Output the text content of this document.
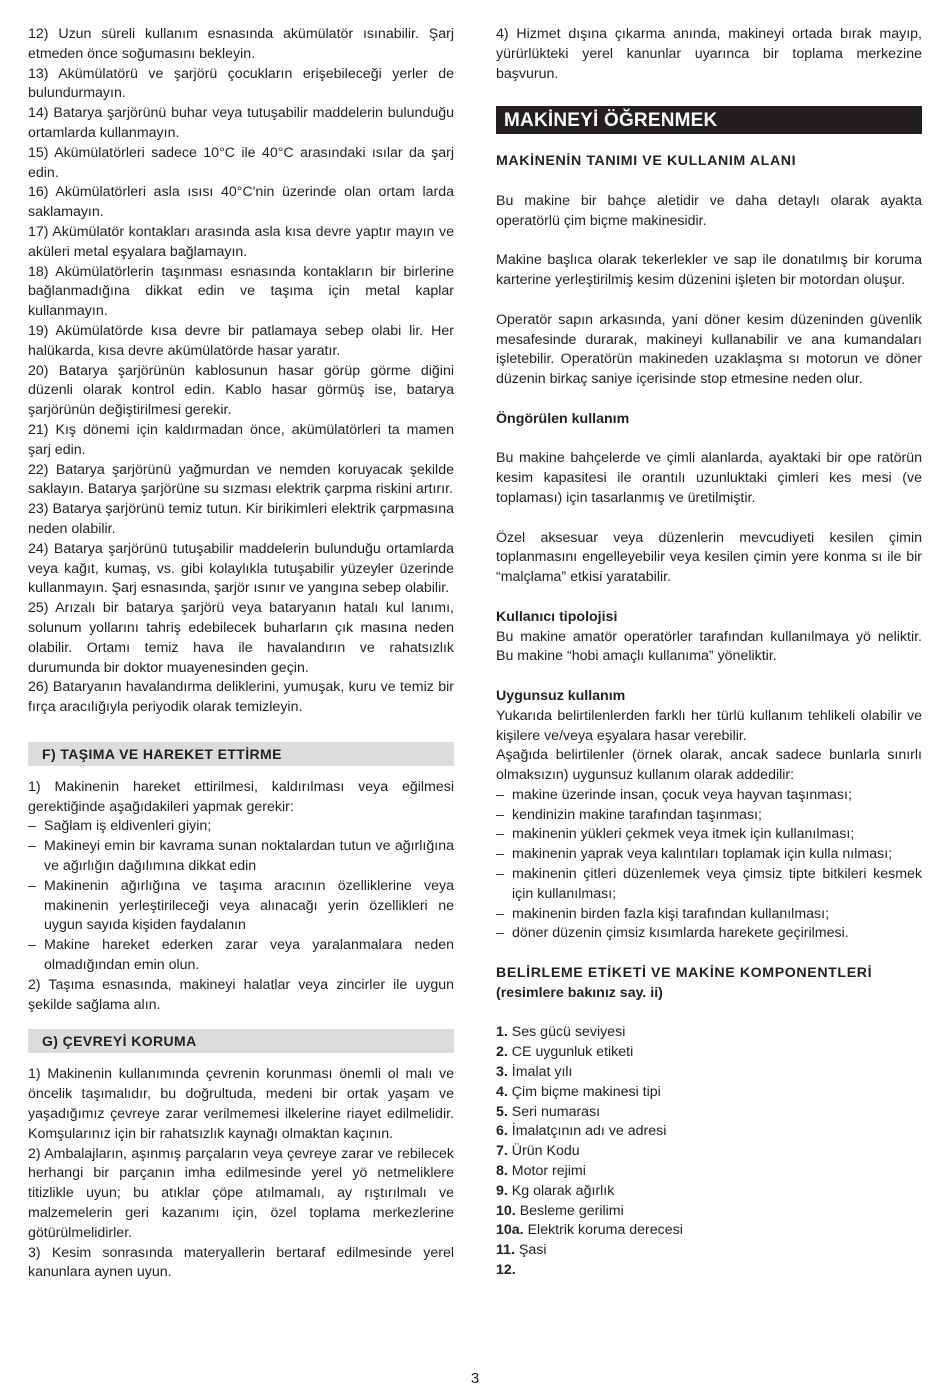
12) Uzun süreli kullanım esnasında akümülatör ısınabilir. Şarj etmeden önce soğumasını bekleyin.

13) Akümülatörü ve şarjörü çocukların erişebileceği yerler de bulundurmayın.

14) Batarya şarjörünü buhar veya tutuşabilir maddelerin bulunduğu ortamlarda kullanmayın.

15) Akümülatörleri sadece 10°C ile 40°C arasındaki ısılar da şarj edin.

16) Akümülatörleri asla ısısı 40°C'nin üzerinde olan ortam larda saklamayın.

17) Akümülatör kontakları arasında asla kısa devre yaptır mayın ve aküleri metal eşyalara bağlamayın.

18) Akümülatörlerin taşınması esnasında kontakların bir birlerine bağlanmadığına dikkat edin ve taşıma için metal kaplar kullanmayın.

19) Akümülatörde kısa devre bir patlamaya sebep olabi lir. Her halükarda, kısa devre akümülatörde hasar yaratır.

20) Batarya şarjörünün kablosunun hasar görüp görme diğini düzenli olarak kontrol edin. Kablo hasar görmüş ise, batarya şarjörünün değiştirilmesi gerekir.

21) Kış dönemi için kaldırmadan önce, akümülatörleri ta mamen şarj edin.

22) Batarya şarjörünü yağmurdan ve nemden koruyacak şekilde saklayın. Batarya şarjörüne su sızması elektrik çarpma riskini artırır.

23) Batarya şarjörünü temiz tutun. Kir birikimleri elektrik çarpmasına neden olabilir.

24) Batarya şarjörünü tutuşabilir maddelerin bulunduğu ortamlarda veya kağıt, kumaş, vs. gibi kolaylıkla tutuşabilir yüzeyler üzerinde kullanmayın. Şarj esnasında, şarjör ısınır ve yangına sebep olabilir.

25) Arızalı bir batarya şarjörü veya bataryanın hatalı kul lanımı, solunum yollarını tahriş edebilecek buharların çık masına neden olabilir. Ortamı temiz hava ile havalandırın ve rahatsızlık durumunda bir doktor muayenesinden geçin.

26) Bataryanın havalandırma deliklerini, yumuşak, kuru ve temiz bir fırça aracılığıyla periyodik olarak temizleyin.

F) TAŞIMA VE HAREKET ETTİRME

1) Makinenin hareket ettirilmesi, kaldırılması veya eğilmesi gerektiğinde aşağıdakileri yapmak gerekir:

– Sağlam iş eldivenleri giyin;

– Makineyi emin bir kavrama sunan noktalardan tutun ve ağırlığına ve ağırlığın dağılımına dikkat edin

– Makinenin ağırlığına ve taşıma aracının özelliklerine veya makinenin yerleştirileceği veya alınacağı yerin özellikleri ne uygun sayıda kişiden faydalanın

– Makine hareket ederken zarar veya yaralanmalara neden olmadığından emin olun.

2) Taşıma esnasında, makineyi halatlar veya zincirler ile uygun şekilde sağlama alın.

G) ÇEVREYİ KORUMA

1) Makinenin kullanımında çevrenin korunması önemli ol malı ve öncelik taşımalıdır, bu doğrultuda, medeni bir ortak yaşam ve yaşadığımız çevreye zarar verilmemesi ilkelerine riayet edilmelidir. Komşularınız için bir rahatsızlık kaynağı olmaktan kaçının.

2) Ambalajların, aşınmış parçaların veya çevreye zarar ve rebilecek herhangi bir parçanın imha edilmesinde yerel yö netmeliklere titizlikle uyun; bu atıklar çöpe atılmamalı, ay rıştırılmalı ve malzemelerin geri kazanımı için, özel toplama merkezlerine götürülmelidirler.

3) Kesim sonrasında materyallerin bertaraf edilmesinde yerel kanunlara aynen uyun.

4) Hizmet dışına çıkarma anında, makineyi ortada bırak mayıp, yürürlükteki yerel kanunlar uyarınca bir toplama merkezine başvurun.

MAKİNEYİ ÖĞRENMEK

MAKİNENİN TANIMI VE KULLANIM ALANI

Bu makine bir bahçe aletidir ve daha detaylı olarak ayakta operatörlü çim biçme makinesidir.

Makine başlıca olarak tekerlekler ve sap ile donatılmış bir koruma karterine yerleştirilmiş kesim düzenini işleten bir motordan oluşur.

Operatör sapın arkasında, yani döner kesim düzeninden güvenlik mesafesinde durarak, makineyi kullanabilir ve ana kumandaları işletebilir. Operatörün makineden uzaklaşma sı motorun ve döner düzenin birkaç saniye içerisinde stop etmesine neden olur.

Öngörülen kullanım

Bu makine bahçelerde ve çimli alanlarda, ayaktaki bir ope ratörün kesim kapasitesi ile orantılı uzunluktaki çimleri kes mesi (ve toplaması) için tasarlanmış ve üretilmiştir.

Özel aksesuar veya düzenlerin mevcudiyeti kesilen çimin toplanmasını engelleyebilir veya kesilen çimin yere konma sı ile bir “malçlama” etkisi yaratabilir.

Kullanıcı tipolojisi

Bu makine amatör operatörler tarafından kullanılmaya yö neliktir. Bu makine “hobi amaçlı kullanıma” yöneliktir.

Uygunsuz kullanım

Yukarıda belirtilenlerden farklı her türlü kullanım tehlikeli olabilir ve kişilere ve/veya eşyalara hasar verebilir.

Aşağıda belirtilenler (örnek olarak, ancak sadece bunlarla sınırlı olmaksızın) uygunsuz kullanım olarak addedilir:

– makine üzerinde insan, çocuk veya hayvan taşınması;

– kendinizin makine tarafından taşınması;

– makinenin yükleri çekmek veya itmek için kullanılması;

– makinenin yaprak veya kalıntıları toplamak için kulla nılması;

– makinenin çitleri düzenlemek veya çimsiz tipte bitkileri kesmek için kullanılması;

– makinenin birden fazla kişi tarafından kullanılması;

– döner düzenin çimsiz kısımlarda harekete geçirilmesi.

BELİRLEME ETİKETİ VE MAKİNE KOMPONENTLERİ

(resimlere bakınız say. ii)

1. Ses gücü seviyesi

2. CE uygunluk etiketi

3. İmalat yılı

4. Çim biçme makinesi tipi

5. Seri numarası

6. İmalatçının adı ve adresi

7. Ürün Kodu

8. Motor rejimi

9. Kg olarak ağırlık

10. Besleme gerilimi

10a. Elektrik koruma derecesi

11. Şasi

12.

3
